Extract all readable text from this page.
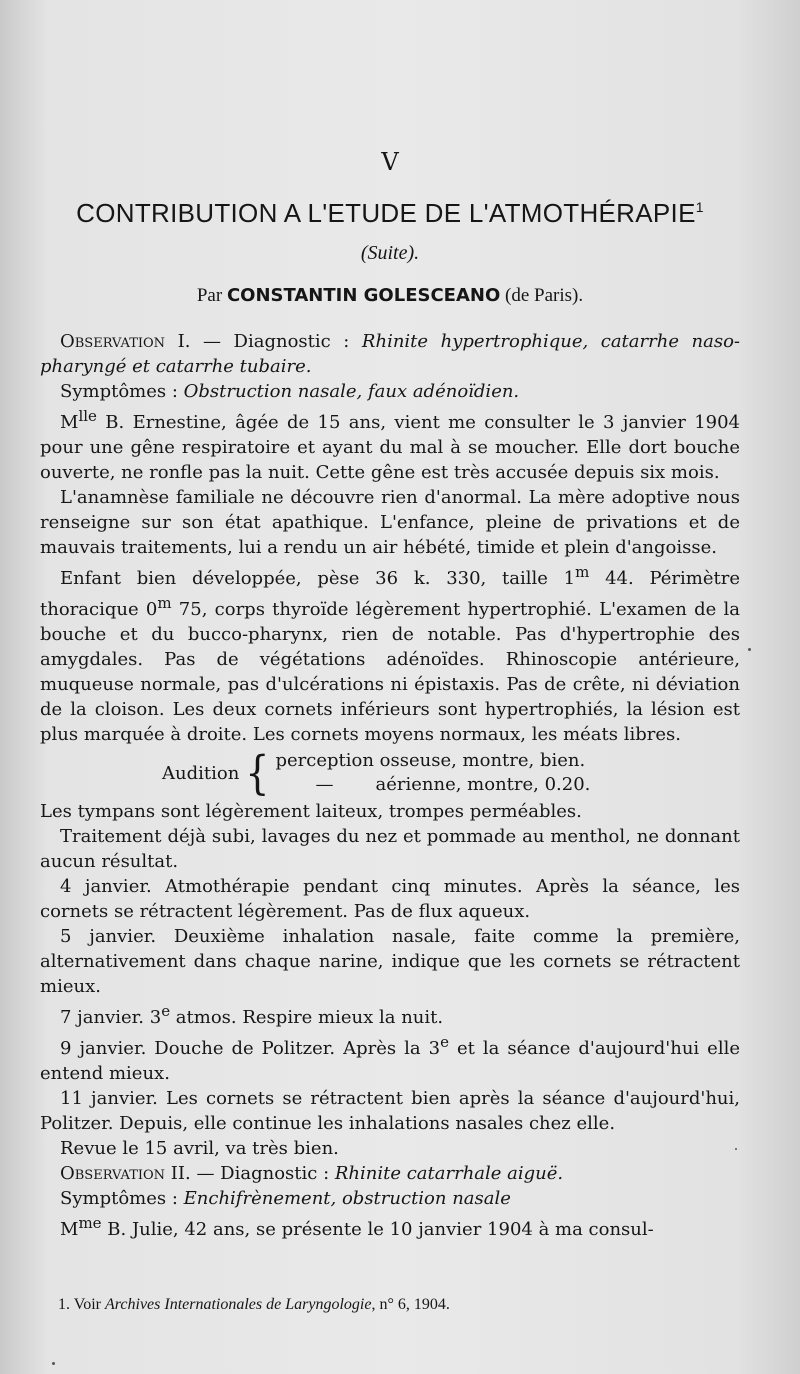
V
CONTRIBUTION A L'ETUDE DE L'ATMOTHÉRAPIE$^1$
(Suite).
Par CONSTANTIN GOLESCEANO (de Paris).

Observation I. — Diagnostic : Rhinite hypertrophique, catarrhe naso-pharyngé et catarrhe tubaire.

Symptômes : Obstruction nasale, faux adénoïdien.

$M^{lle}$ B. Ernestine, âgée de 15 ans, vient me consulter le 3 janvier 1904 pour une gêne respiratoire et ayant du mal à se moucher. Elle dort bouche ouverte, ne ronfle pas la nuit. Cette gêne est très accusée depuis six mois.

L'anamnèse familiale ne découvre rien d'anormal. La mère adoptive nous renseigne sur son état apathique. L'enfance, pleine de privations et de mauvais traitements, lui a rendu un air hébété, timide et plein d'angoisse.

Enfant bien développée, pèse 36 k. 330, taille 1$^m$ 44. Périmètre thoracique 0$^m$ 75, corps thyroïde légèrement hypertrophié. L'examen de la bouche et du bucco-pharynx, rien de notable. Pas d'hypertrophie des amygdales. Pas de végétations adénoïdes. Rhinoscopie antérieure, muqueuse normale, pas d'ulcérations ni épistaxis. Pas de crête, ni déviation de la cloison. Les deux cornets inférieurs sont hypertrophiés, la lésion est plus marquée à droite. Les cornets moyens normaux, les méats libres.

Audition { perception osseuse, montre, bien.
— aérienne, montre, 0.20.

Les tympans sont légèrement laiteux, trompes perméables.

Traitement déjà subi, lavages du nez et pommade au menthol, ne donnant aucun résultat.

4 janvier. Atmothérapie pendant cinq minutes. Après la séance, les cornets se rétractent légèrement. Pas de flux aqueux.

5 janvier. Deuxième inhalation nasale, faite comme la première, alternativement dans chaque narine, indique que les cornets se rétractent mieux.

7 janvier. 3e atmos. Respire mieux la nuit.

9 janvier. Douche de Politzer. Après la 3e et la séance d'aujourd'hui elle entend mieux.

11 janvier. Les cornets se rétractent bien après la séance d'aujourd'hui, Politzer. Depuis, elle continue les inhalations nasales chez elle.

Revue le 15 avril, va très bien.

Observation II. — Diagnostic : Rhinite catarrhale aiguë.

Symptômes : Enchifrènement, obstruction nasale

$M^{me}$ B. Julie, 42 ans, se présente le 10 janvier 1904 à ma consul-

1. Voir Archives Internationales de Laryngologie, n° 6, 1904.
